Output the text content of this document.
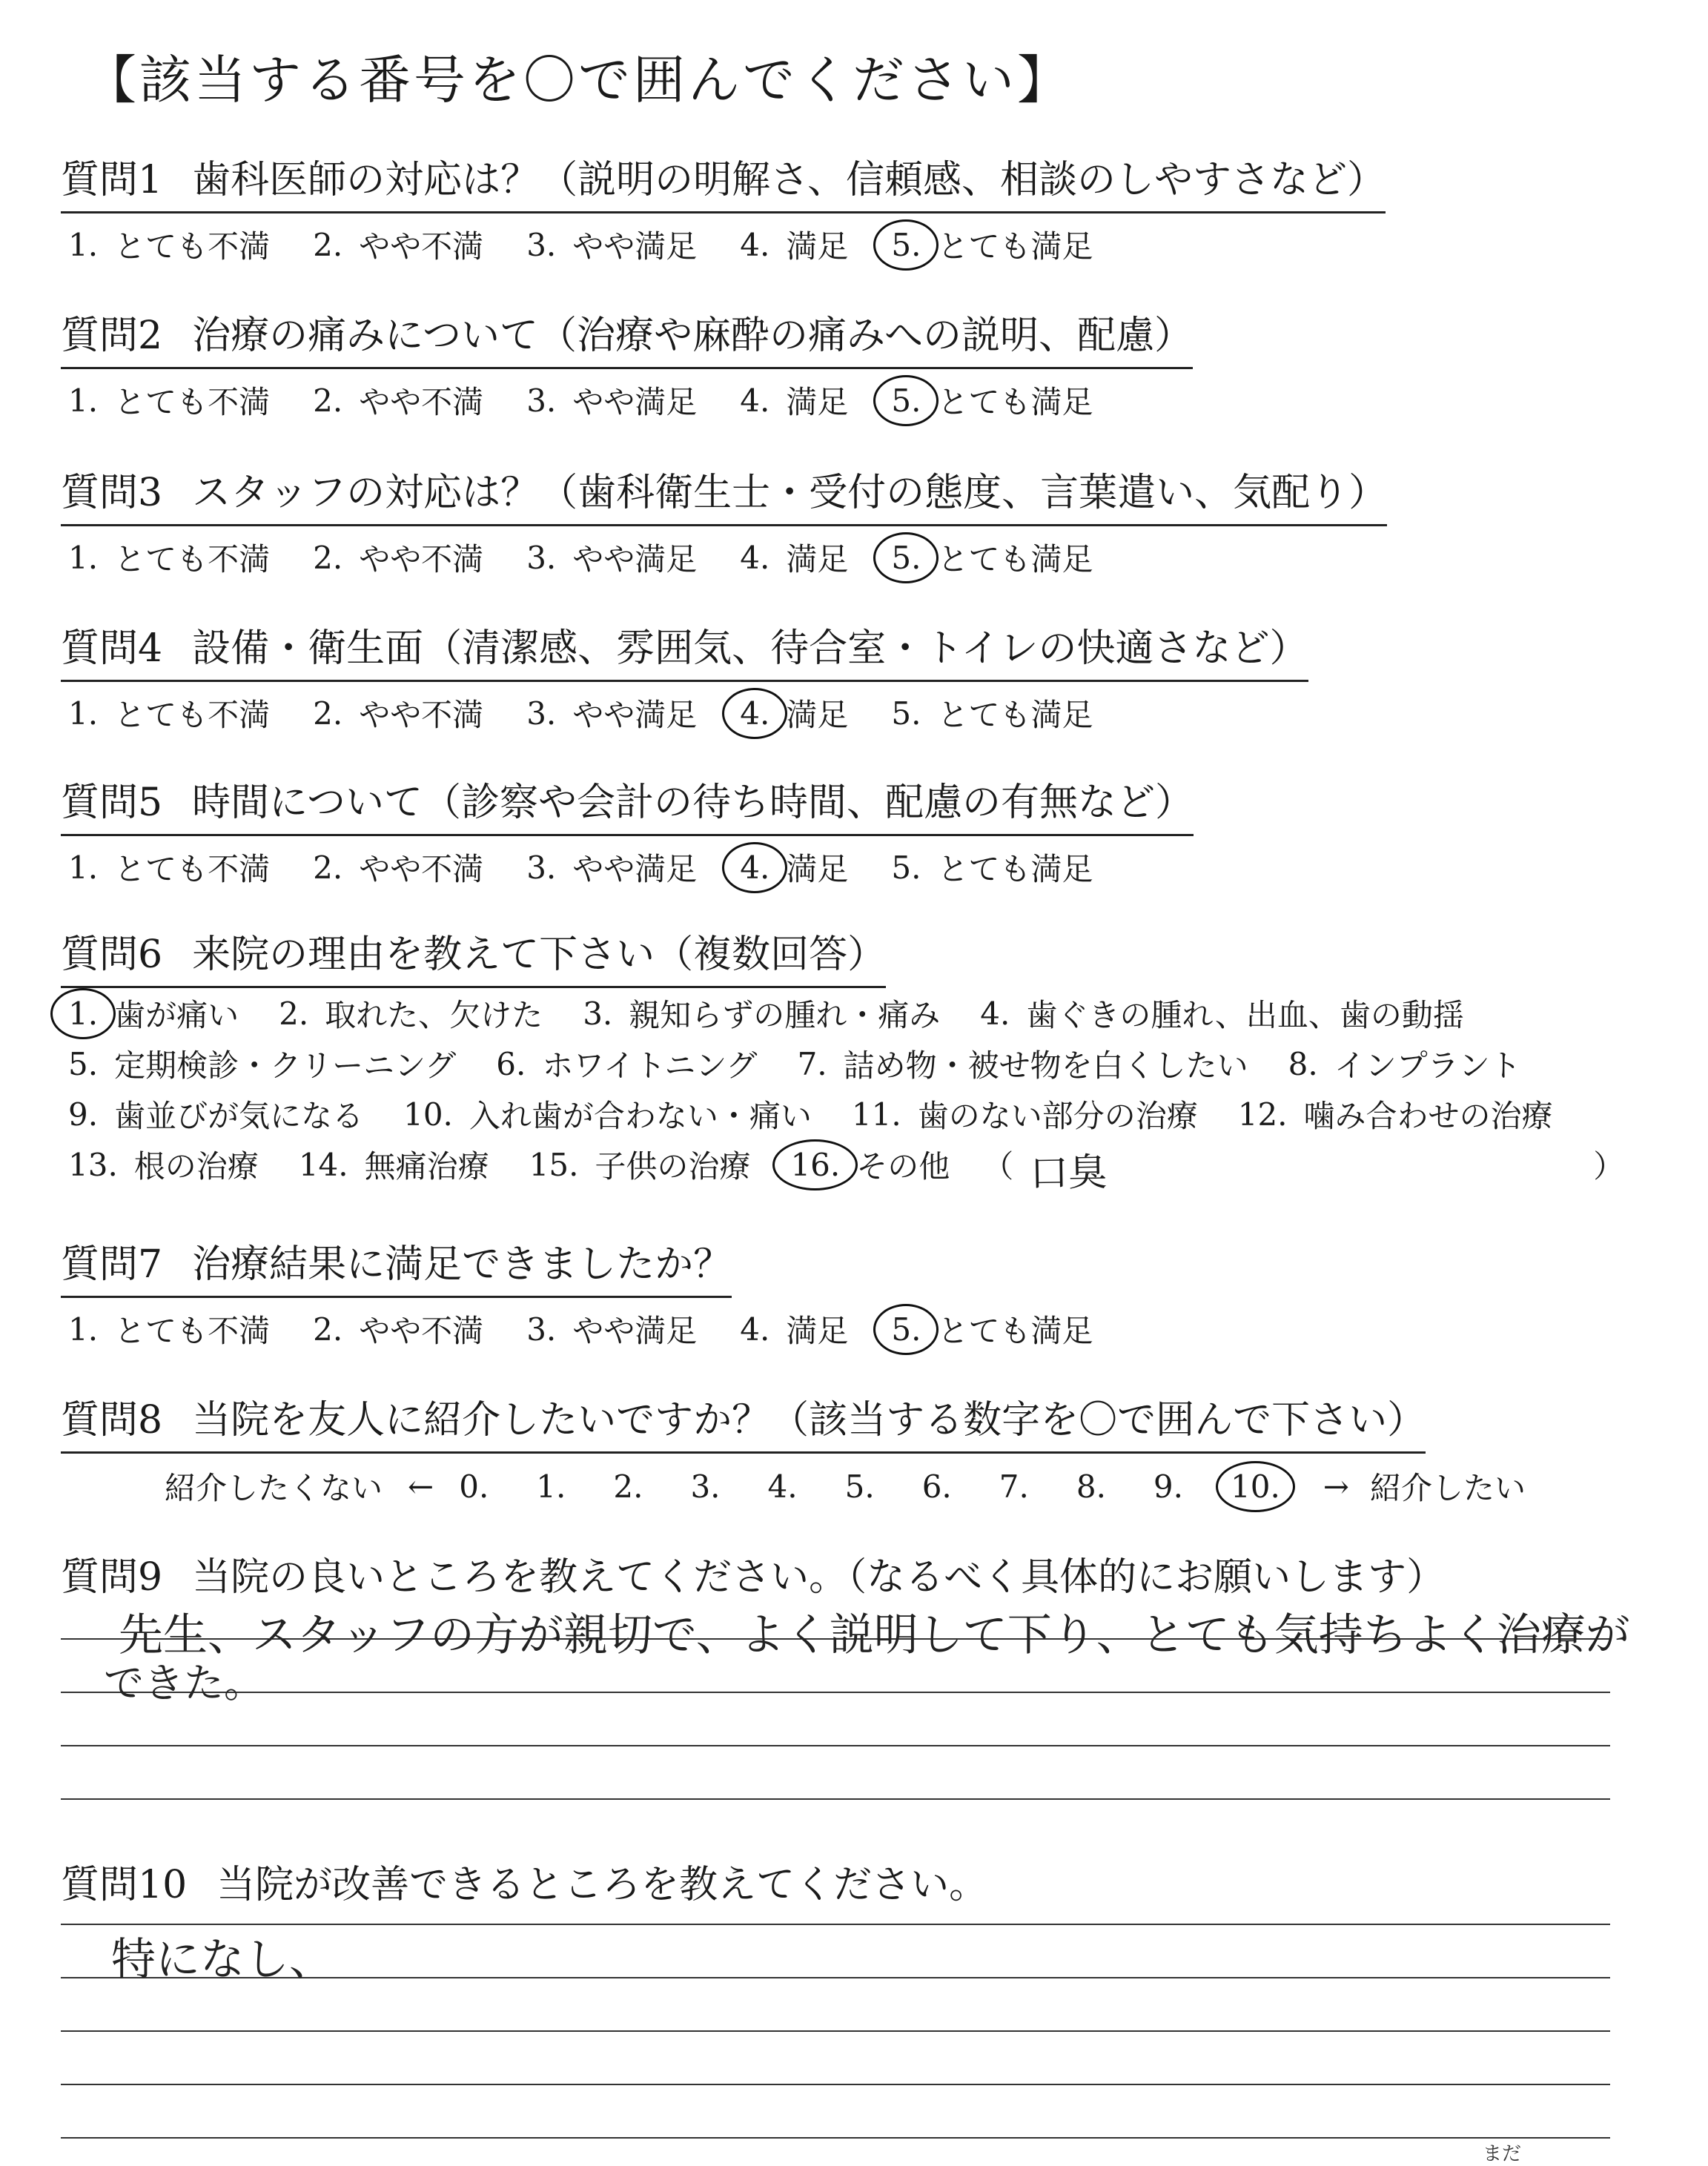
【該当する番号を〇で囲んでください】
質問1 歯科医師の対応は？（説明の明解さ、信頼感、相談のしやすさなど）
1. とても不満 2. やや不満 3. やや満足 4. 満足 5. とても満足
質問2 治療の痛みについて（治療や麻酔の痛みへの説明、配慮）
1. とても不満 2. やや不満 3. やや満足 4. 満足 5. とても満足
質問3 スタッフの対応は？（歯科衛生士・受付の態度、言葉遣い、気配り）
1. とても不満 2. やや不満 3. やや満足 4. 満足 5. とても満足
質問4 設備・衛生面（清潔感、雰囲気、待合室・トイレの快適さなど）
1. とても不満 2. やや不満 3. やや満足 4. 満足 5. とても満足
質問5 時間について（診察や会計の待ち時間、配慮の有無など）
1. とても不満 2. やや不満 3. やや満足 4. 満足 5. とても満足
質問6 来院の理由を教えて下さい（複数回答）
1. 歯が痛い 2. 取れた、欠けた 3. 親知らずの腫れ・痛み 4. 歯ぐきの腫れ、出血、歯の動揺
5. 定期検診・クリーニング 6. ホワイトニング 7. 詰め物・被せ物を白くしたい 8. インプラント
9. 歯並びが気になる 10. 入れ歯が合わない・痛い 11. 歯のない部分の治療 12. 噛み合わせの治療
13. 根の治療 14. 無痛治療 15. 子供の治療 16. その他 （ 口臭	）
質問7 治療結果に満足できましたか？
1. とても不満 2. やや不満 3. やや満足 4. 満足 5. とても満足
質問8 当院を友人に紹介したいですか？（該当する数字を〇で囲んで下さい）
紹介したくない ← 0. 1. 2. 3. 4. 5. 6. 7. 8. 9. 10. → 紹介したい
質問9 当院の良いところを教えてください。（なるべく具体的にお願いします）
先生、スタッフの方が親切で、よく説明して下り、とても気持ちよく治療が
できた。
質問10 当院が改善できるところを教えてください。
特になし、
まだ
